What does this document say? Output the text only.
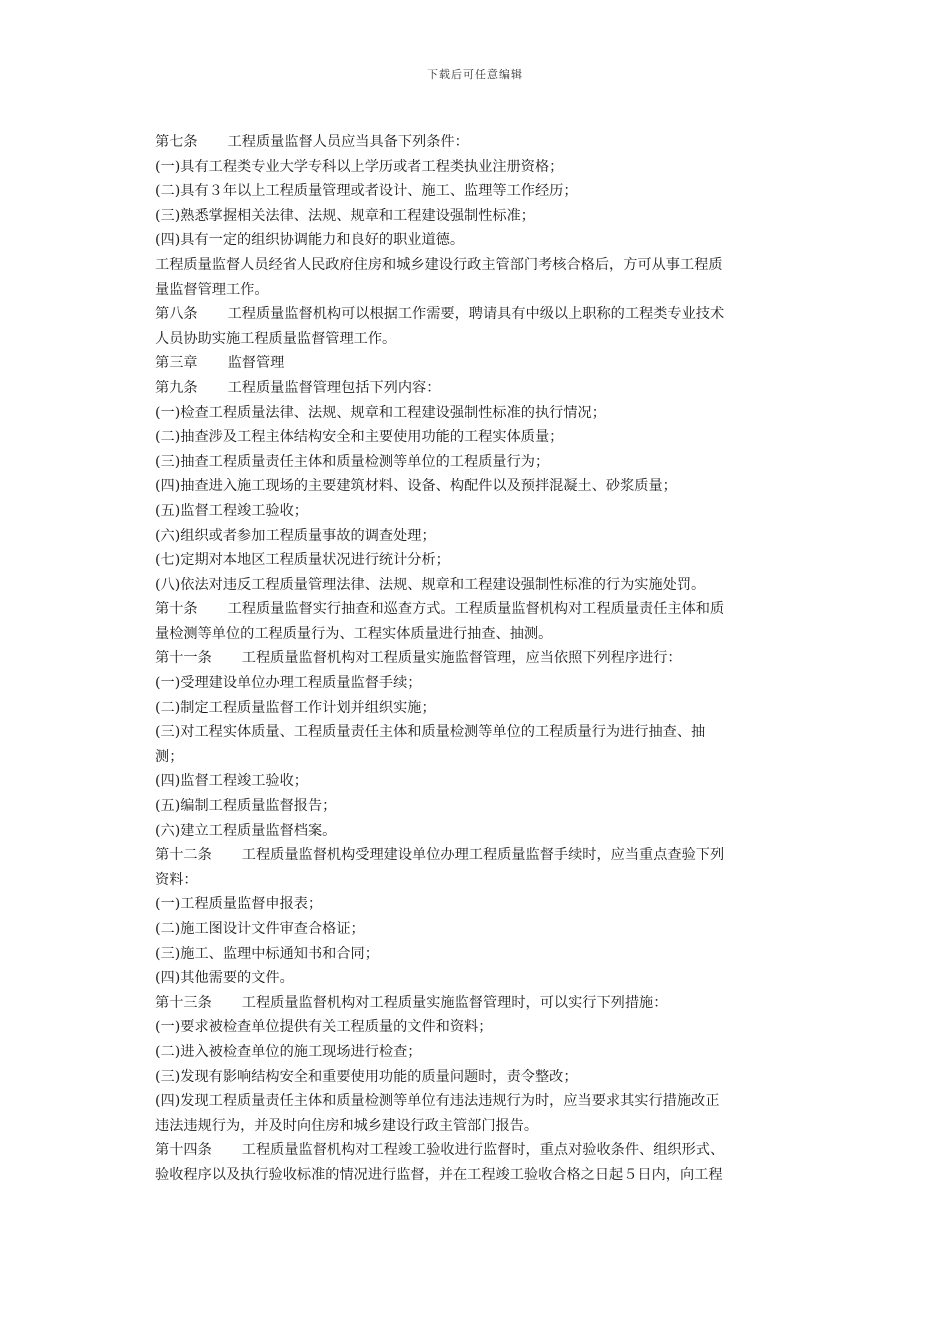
下载后可任意编辑
第七条 工程质量监督人员应当具备下列条件：
(一)具有工程类专业大学专科以上学历或者工程类执业注册资格；
(二)具有３年以上工程质量管理或者设计、施工、监理等工作经历；
(三)熟悉掌握相关法律、法规、规章和工程建设强制性标准；
(四)具有一定的组织协调能力和良好的职业道德。
工程质量监督人员经省人民政府住房和城乡建设行政主管部门考核合格后，方可从事工程质
量监督管理工作。
第八条 工程质量监督机构可以根据工作需要，聘请具有中级以上职称的工程类专业技术
人员协助实施工程质量监督管理工作。
第三章 监督管理
第九条 工程质量监督管理包括下列内容：
(一)检查工程质量法律、法规、规章和工程建设强制性标准的执行情况；
(二)抽查涉及工程主体结构安全和主要使用功能的工程实体质量；
(三)抽查工程质量责任主体和质量检测等单位的工程质量行为；
(四)抽查进入施工现场的主要建筑材料、设备、构配件以及预拌混凝土、砂浆质量；
(五)监督工程竣工验收；
(六)组织或者参加工程质量事故的调查处理；
(七)定期对本地区工程质量状况进行统计分析；
(八)依法对违反工程质量管理法律、法规、规章和工程建设强制性标准的行为实施处罚。
第十条 工程质量监督实行抽查和巡查方式。工程质量监督机构对工程质量责任主体和质
量检测等单位的工程质量行为、工程实体质量进行抽查、抽测。
第十一条 工程质量监督机构对工程质量实施监督管理，应当依照下列程序进行：
(一)受理建设单位办理工程质量监督手续；
(二)制定工程质量监督工作计划并组织实施；
(三)对工程实体质量、工程质量责任主体和质量检测等单位的工程质量行为进行抽查、抽
测；
(四)监督工程竣工验收；
(五)编制工程质量监督报告；
(六)建立工程质量监督档案。
第十二条 工程质量监督机构受理建设单位办理工程质量监督手续时，应当重点查验下列
资料：
(一)工程质量监督申报表；
(二)施工图设计文件审查合格证；
(三)施工、监理中标通知书和合同；
(四)其他需要的文件。
第十三条 工程质量监督机构对工程质量实施监督管理时，可以实行下列措施：
(一)要求被检查单位提供有关工程质量的文件和资料；
(二)进入被检查单位的施工现场进行检查；
(三)发现有影响结构安全和重要使用功能的质量问题时，责令整改；
(四)发现工程质量责任主体和质量检测等单位有违法违规行为时，应当要求其实行措施改正
违法违规行为，并及时向住房和城乡建设行政主管部门报告。
第十四条 工程质量监督机构对工程竣工验收进行监督时，重点对验收条件、组织形式、
验收程序以及执行验收标准的情况进行监督，并在工程竣工验收合格之日起５日内，向工程
